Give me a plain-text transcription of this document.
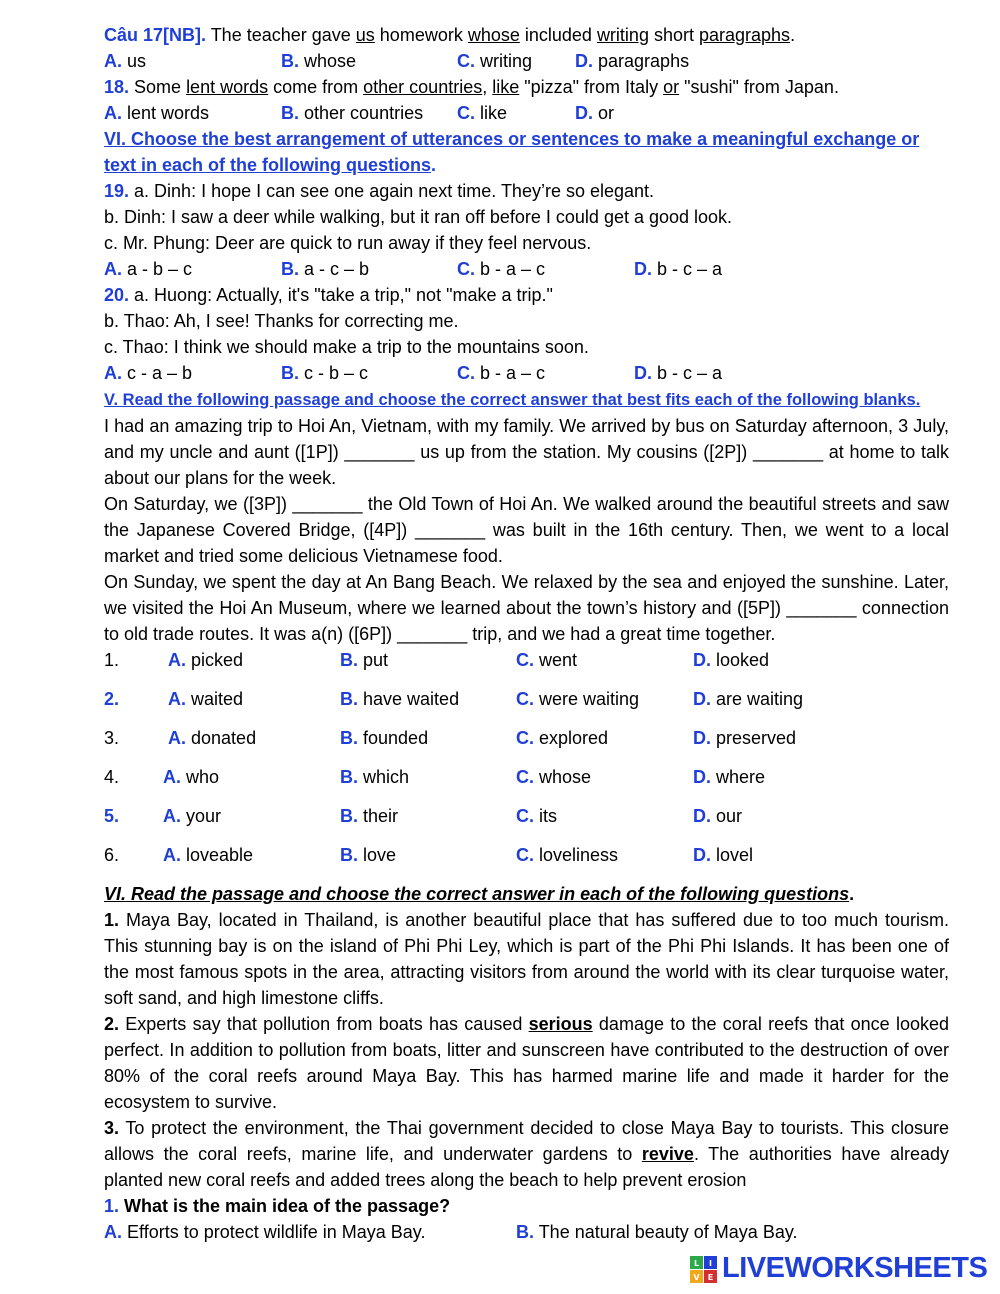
Câu 17[NB]. The teacher gave us homework whose included writing short paragraphs.
A. us	B. whose	C. writing D. paragraphs
18. Some lent words come from other countries, like "pizza" from Italy or "sushi" from Japan.
A. lent words	B. other countries C. like	D. or
VI. Choose the best arrangement of utterances or sentences to make a meaningful exchange or
text in each of the following questions.
19. a. Dinh: I hope I can see one again next time. They’re so elegant.
b. Dinh: I saw a deer while walking, but it ran off before I could get a good look.
c. Mr. Phung: Deer are quick to run away if they feel nervous.
A. a - b – c	B. a - c – b	C. b - a – c	D. b - c – a
20. a. Huong: Actually, it's "take a trip," not "make a trip."
b. Thao: Ah, I see! Thanks for correcting me.
c. Thao: I think we should make a trip to the mountains soon.
A. c - a – b	B. c - b – c	C. b - a – c	D. b - c – a
V. Read the following passage and choose the correct answer that best fits each of the following blanks.
I had an amazing trip to Hoi An, Vietnam, with my family. We arrived by bus on Saturday afternoon, 3 July, and my uncle and aunt ([1P]) _______ us up from the station. My cousins ([2P]) _______ at home to talk about our plans for the week.
On Saturday, we ([3P]) _______ the Old Town of Hoi An. We walked around the beautiful streets and saw the Japanese Covered Bridge, ([4P]) _______ was built in the 16th century. Then, we went to a local market and tried some delicious Vietnamese food.
On Sunday, we spent the day at An Bang Beach. We relaxed by the sea and enjoyed the sunshine. Later, we visited the Hoi An Museum, where we learned about the town’s history and ([5P]) _______ connection to old trade routes. It was a(n) ([6P]) _______ trip, and we had a great time together.
1.	A. picked	B. put	C. went	D. looked
2.	A. waited	B. have waited	C. were waiting	D. are waiting
3.	A. donated	B. founded	C. explored	D. preserved
4. A. who	B. which	C. whose	D. where
5. A. your	B. their	C. its	D. our
6. A. loveable	B. love	C. loveliness	D. lovel
VI. Read the passage and choose the correct answer in each of the following questions.
1. Maya Bay, located in Thailand, is another beautiful place that has suffered due to too much tourism. This stunning bay is on the island of Phi Phi Ley, which is part of the Phi Phi Islands. It has been one of the most famous spots in the area, attracting visitors from around the world with its clear turquoise water, soft sand, and high limestone cliffs.
2. Experts say that pollution from boats has caused serious damage to the coral reefs that once looked perfect. In addition to pollution from boats, litter and sunscreen have contributed to the destruction of over 80% of the coral reefs around Maya Bay. This has harmed marine life and made it harder for the ecosystem to survive.
3. To protect the environment, the Thai government decided to close Maya Bay to tourists. This closure allows the coral reefs, marine life, and underwater gardens to revive. The authorities have already planted new coral reefs and added trees along the beach to help prevent erosion
1. What is the main idea of the passage?
A. Efforts to protect wildlife in Maya Bay.	B. The natural beauty of Maya Bay.
L I
V E LIVEWORKSHEETS
